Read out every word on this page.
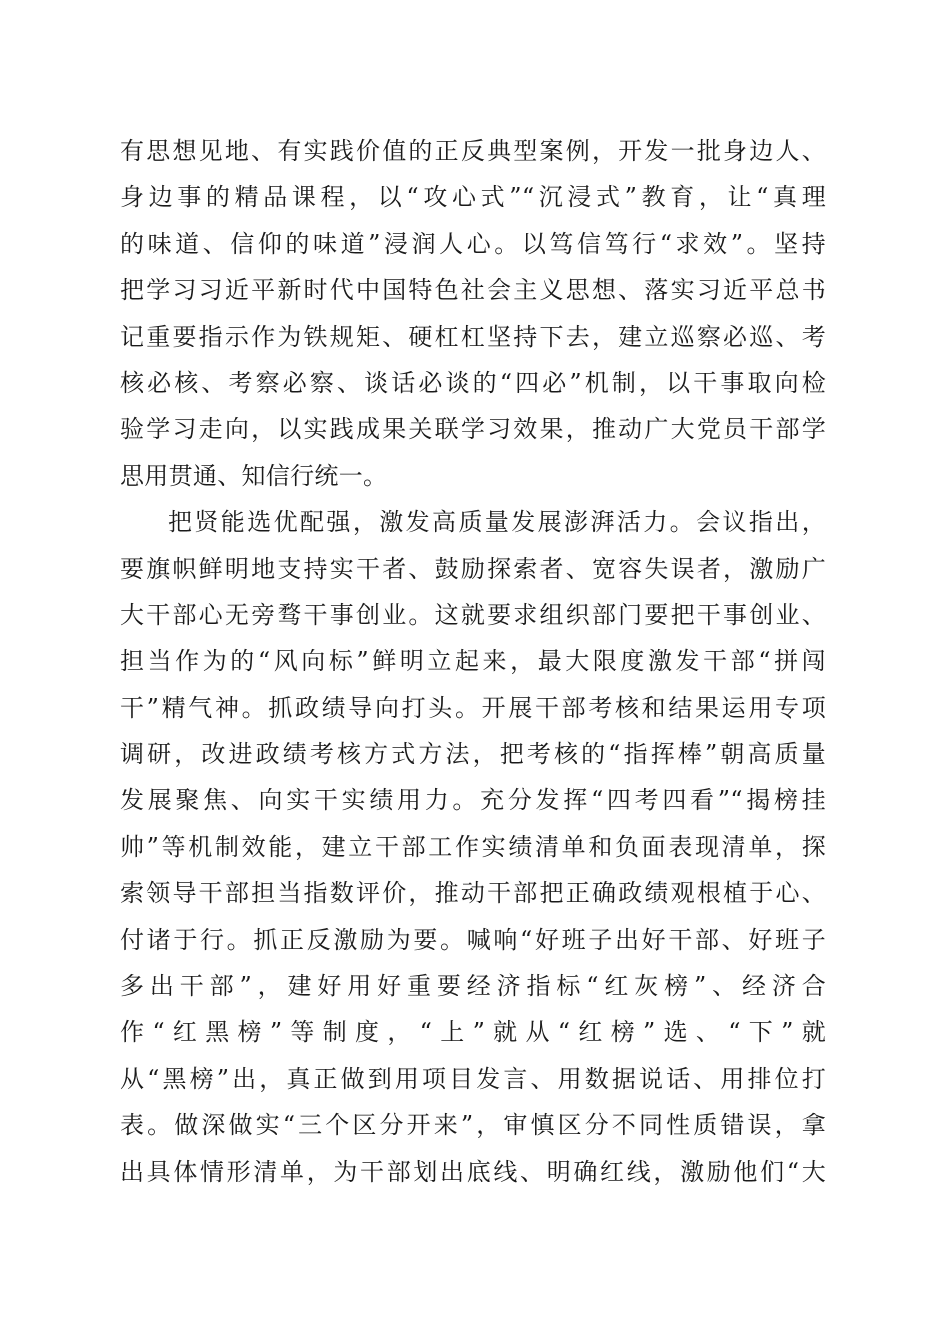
有思想见地、有实践价值的正反典型案例，开发一批身边人、
身边事的精品课程，以“攻心式”“沉浸式”教育，让“真理
的味道、信仰的味道”浸润人心。以笃信笃行“求效”。坚持
把学习习近平新时代中国特色社会主义思想、落实习近平总书
记重要指示作为铁规矩、硬杠杠坚持下去，建立巡察必巡、考
核必核、考察必察、谈话必谈的“四必”机制，以干事取向检
验学习走向，以实践成果关联学习效果，推动广大党员干部学
思用贯通、知信行统一。
把贤能选优配强，激发高质量发展澎湃活力。会议指出，
要旗帜鲜明地支持实干者、鼓励探索者、宽容失误者，激励广
大干部心无旁骛干事创业。这就要求组织部门要把干事创业、
担当作为的“风向标”鲜明立起来，最大限度激发干部“拼闯
干”精气神。抓政绩导向打头。开展干部考核和结果运用专项
调研，改进政绩考核方式方法，把考核的“指挥棒”朝高质量
发展聚焦、向实干实绩用力。充分发挥“四考四看”“揭榜挂
帅”等机制效能，建立干部工作实绩清单和负面表现清单，探
索领导干部担当指数评价，推动干部把正确政绩观根植于心、
付诸于行。抓正反激励为要。喊响“好班子出好干部、好班子
多出干部”，建好用好重要经济指标“红灰榜”、经济合
作“红黑榜”等制度，“上”就从“红榜”选、“下”就
从“黑榜”出，真正做到用项目发言、用数据说话、用排位打
表。做深做实“三个区分开来”，审慎区分不同性质错误，拿
出具体情形清单，为干部划出底线、明确红线，激励他们“大
